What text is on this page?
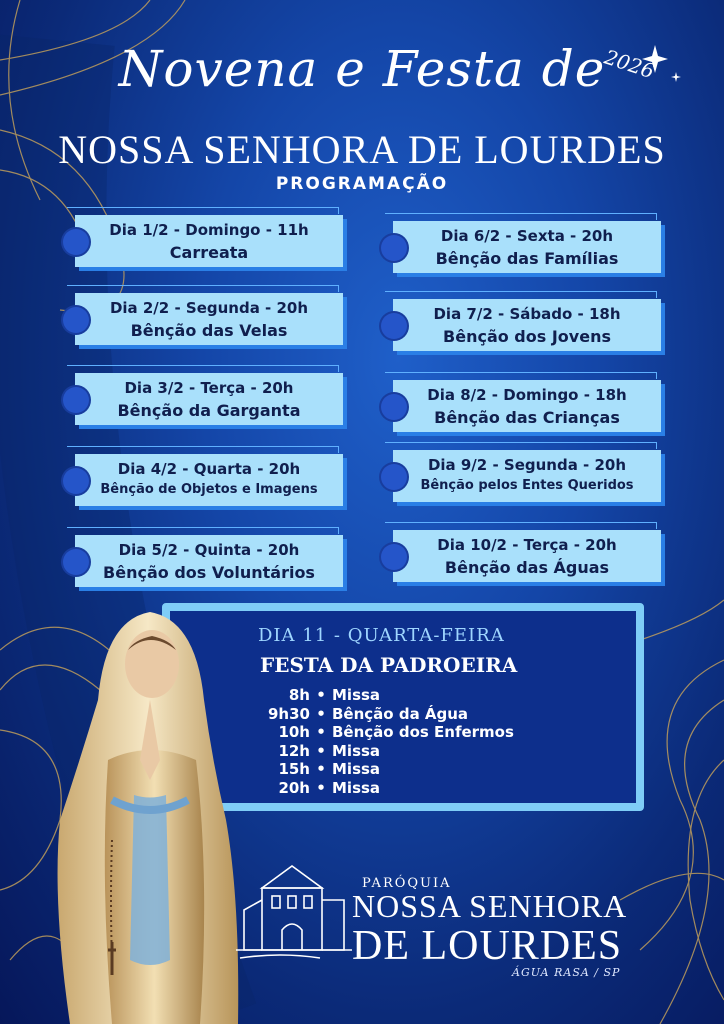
Novena e Festa de
2026
NOSSA SENHORA DE LOURDES
PROGRAMAÇÃO
Dia 1/2 - Domingo - 11h
Carreata
Dia 2/2 - Segunda - 20h
Bênção das Velas
Dia 3/2 - Terça - 20h
Bênção da Garganta
Dia 4/2 - Quarta - 20h
Bênção de Objetos e Imagens
Dia 5/2 - Quinta - 20h
Bênção dos Voluntários
Dia 6/2 - Sexta - 20h
Bênção das Famílias
Dia 7/2 - Sábado - 18h
Bênção dos Jovens
Dia 8/2 - Domingo - 18h
Bênção das Crianças
Dia 9/2 - Segunda - 20h
Bênção pelos Entes Queridos
Dia 10/2 - Terça - 20h
Bênção das Águas
DIA 11 - QUARTA-FEIRA
FESTA DA PADROEIRA
8h • Missa
9h30 • Bênção da Água
10h • Bênção dos Enfermos
12h • Missa
15h • Missa
20h • Missa
PARÓQUIA
NOSSA SENHORA
DE LOURDES
ÁGUA RASA / SP
